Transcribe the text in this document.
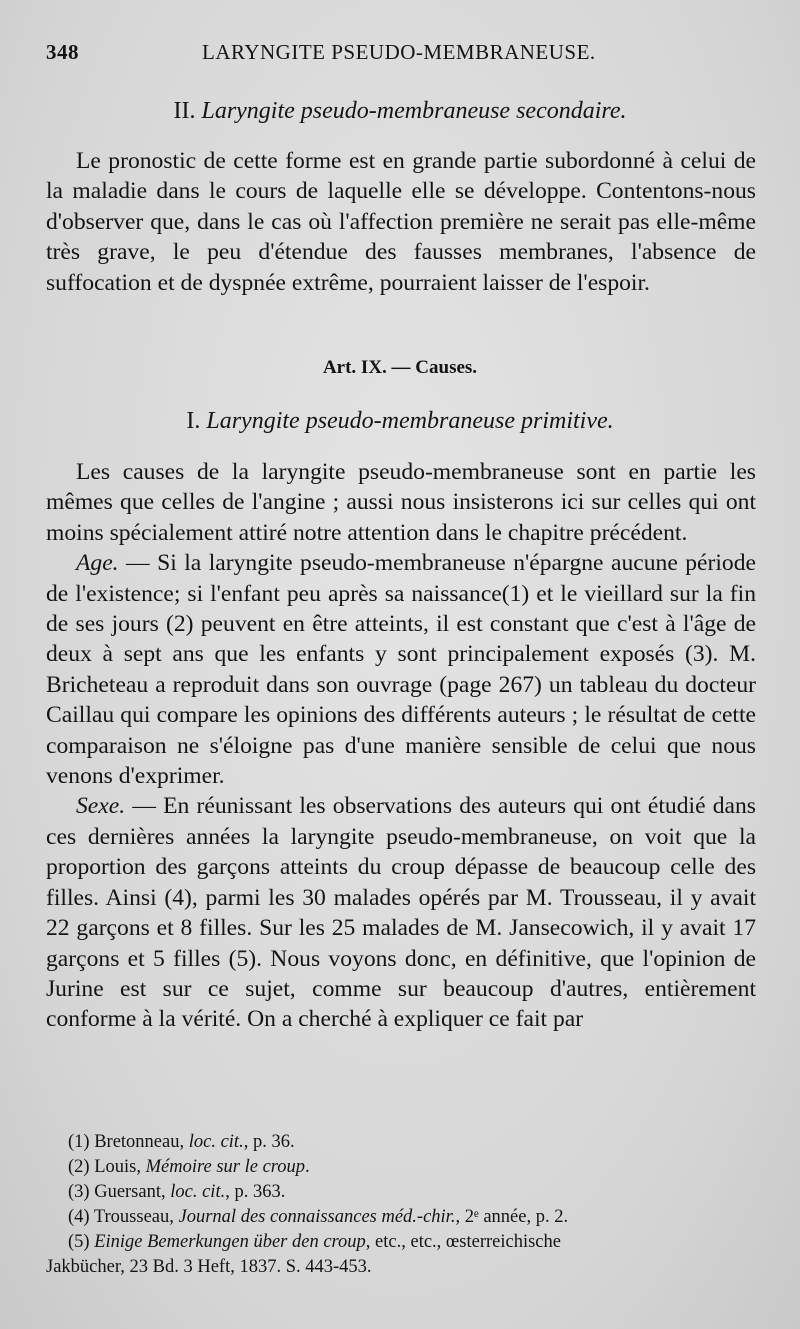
348	LARYNGITE PSEUDO-MEMBRANEUSE.
II. Laryngite pseudo-membraneuse secondaire.

Le pronostic de cette forme est en grande partie subordonné à celui de la maladie dans le cours de laquelle elle se développe. Contentons-nous d'observer que, dans le cas où l'affection première ne serait pas elle-même très grave, le peu d'étendue des fausses membranes, l'absence de suffocation et de dyspnée extrême, pourraient laisser de l'espoir.

Art. IX. — Causes.
I. Laryngite pseudo-membraneuse primitive.

Les causes de la laryngite pseudo-membraneuse sont en partie les mêmes que celles de l'angine ; aussi nous insisterons ici sur celles qui ont moins spécialement attiré notre attention dans le chapitre précédent.

Age. — Si la laryngite pseudo-membraneuse n'épargne aucune période de l'existence; si l'enfant peu après sa naissance(1) et le vieillard sur la fin de ses jours (2) peuvent en être atteints, il est constant que c'est à l'âge de deux à sept ans que les enfants y sont principalement exposés (3). M. Bricheteau a reproduit dans son ouvrage (page 267) un tableau du docteur Caillau qui compare les opinions des différents auteurs ; le résultat de cette comparaison ne s'éloigne pas d'une manière sensible de celui que nous venons d'exprimer.

Sexe. — En réunissant les observations des auteurs qui ont étudié dans ces dernières années la laryngite pseudo-membraneuse, on voit que la proportion des garçons atteints du croup dépasse de beaucoup celle des filles. Ainsi (4), parmi les 30 malades opérés par M. Trousseau, il y avait 22 garçons et 8 filles. Sur les 25 malades de M. Jansecowich, il y avait 17 garçons et 5 filles (5). Nous voyons donc, en définitive, que l'opinion de Jurine est sur ce sujet, comme sur beaucoup d'autres, entièrement conforme à la vérité. On a cherché à expliquer ce fait par

(1) Bretonneau, loc. cit., p. 36.
(2) Louis, Mémoire sur le croup.
(3) Guersant, loc. cit., p. 363.
(4) Trousseau, Journal des connaissances méd.-chir., 2ᵉ année, p. 2.
(5) Einige Bemerkungen über den croup, etc., etc., œsterreichische
Jakbücher, 23 Bd. 3 Heft, 1837. S. 443-453.
